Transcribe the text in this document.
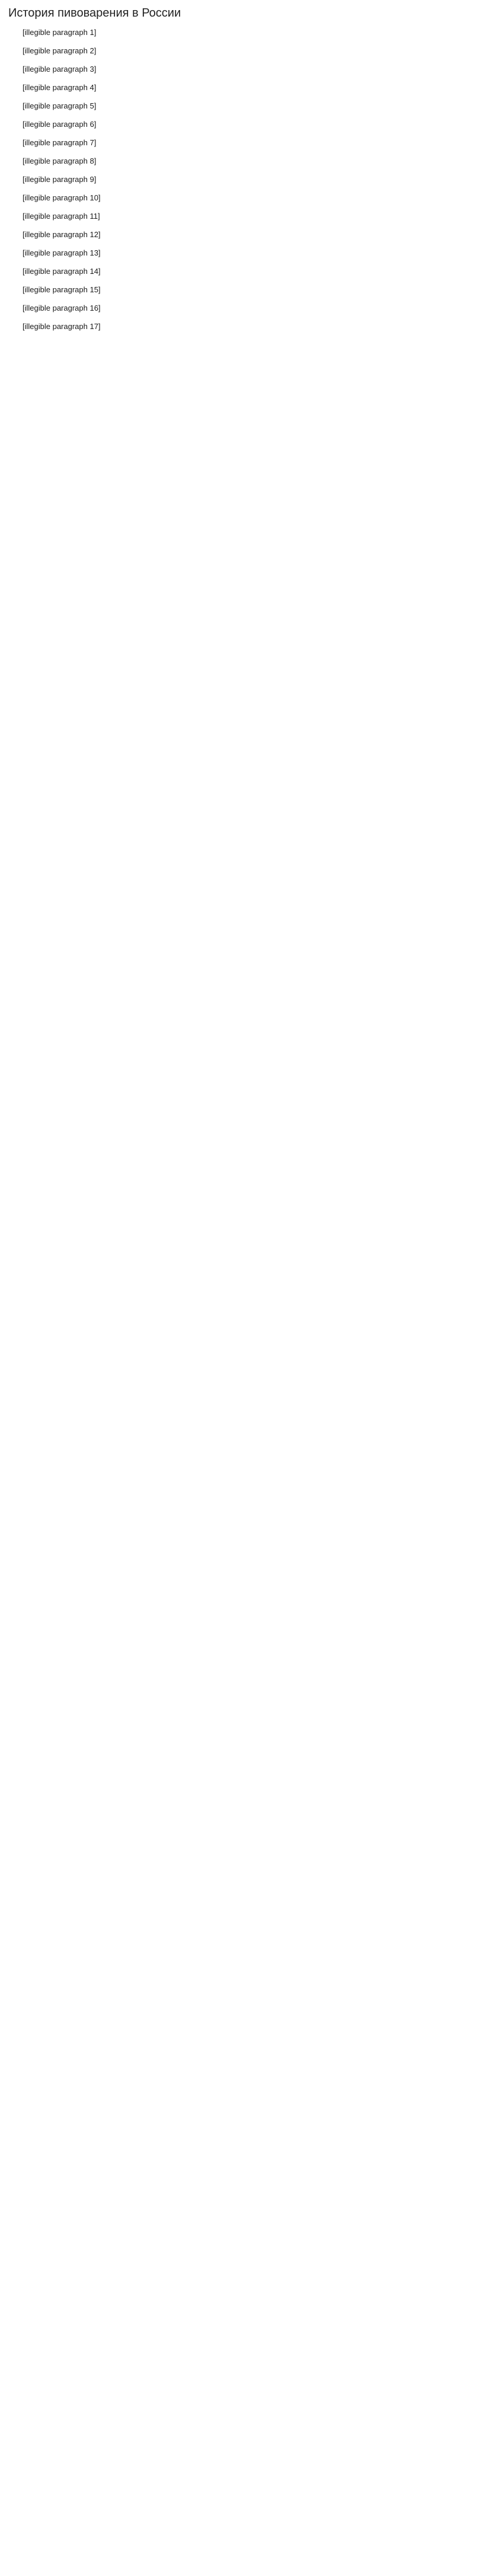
История пивоварения в России

[illegible paragraph 1]

[illegible paragraph 2]

[illegible paragraph 3]

[illegible paragraph 4]

[illegible paragraph 5]

[illegible paragraph 6]

[illegible paragraph 7]

[illegible paragraph 8]

[illegible paragraph 9]

[illegible paragraph 10]

[illegible paragraph 11]

[illegible paragraph 12]

[illegible paragraph 13]

[illegible paragraph 14]

[illegible paragraph 15]

[illegible paragraph 16]

[illegible paragraph 17]
